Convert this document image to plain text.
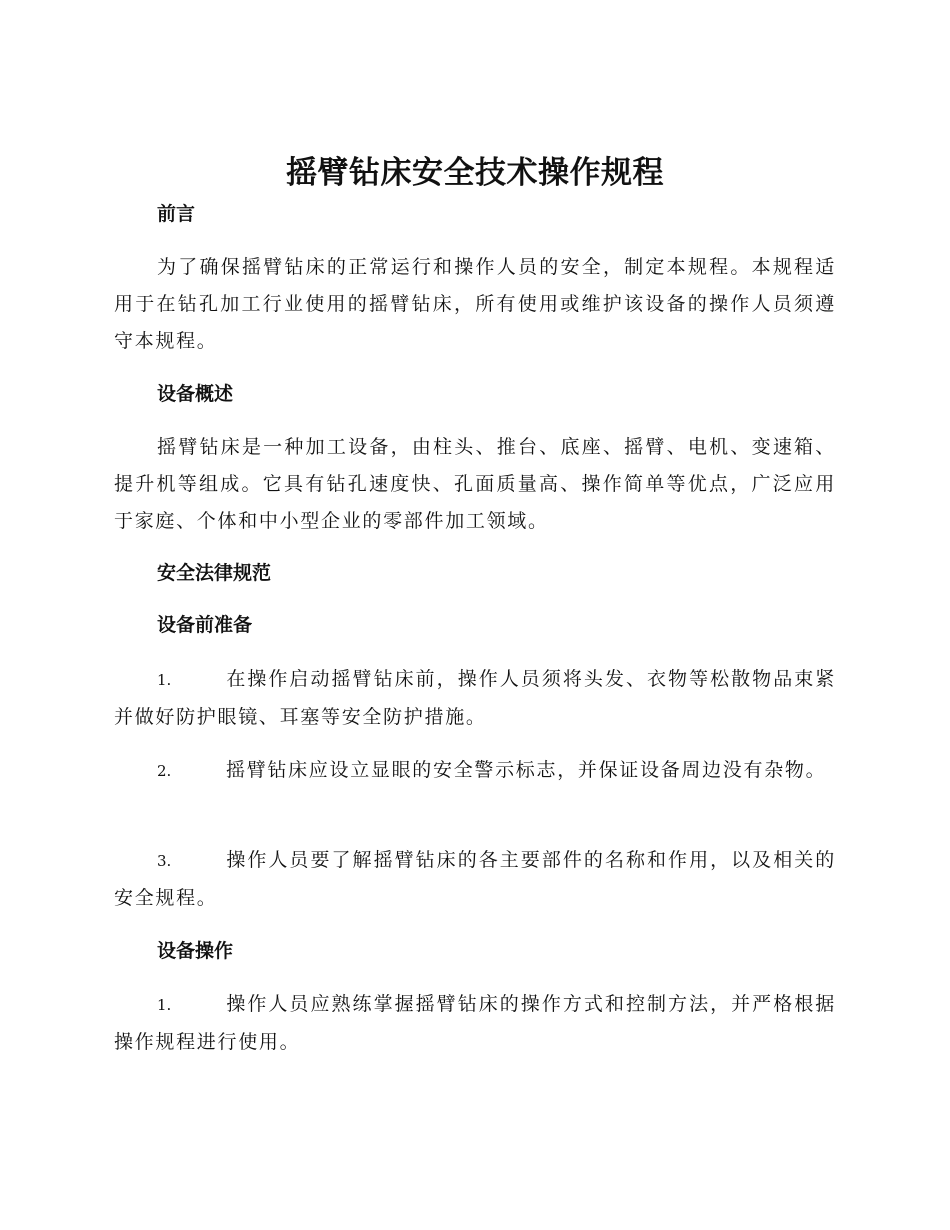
摇臂钻床安全技术操作规程
前言
为了确保摇臂钻床的正常运行和操作人员的安全，制定本规程。本规程适用于在钻孔加工行业使用的摇臂钻床，所有使用或维护该设备的操作人员须遵守本规程。
设备概述
摇臂钻床是一种加工设备，由柱头、推台、底座、摇臂、电机、变速箱、提升机等组成。它具有钻孔速度快、孔面质量高、操作简单等优点，广泛应用于家庭、个体和中小型企业的零部件加工领域。
安全法律规范
设备前准备
1.	在操作启动摇臂钻床前，操作人员须将头发、衣物等松散物品束紧并做好防护眼镜、耳塞等安全防护措施。
2.	摇臂钻床应设立显眼的安全警示标志，并保证设备周边没有杂物。
3.	操作人员要了解摇臂钻床的各主要部件的名称和作用，以及相关的安全规程。
设备操作
1.	操作人员应熟练掌握摇臂钻床的操作方式和控制方法，并严格根据操作规程进行使用。
